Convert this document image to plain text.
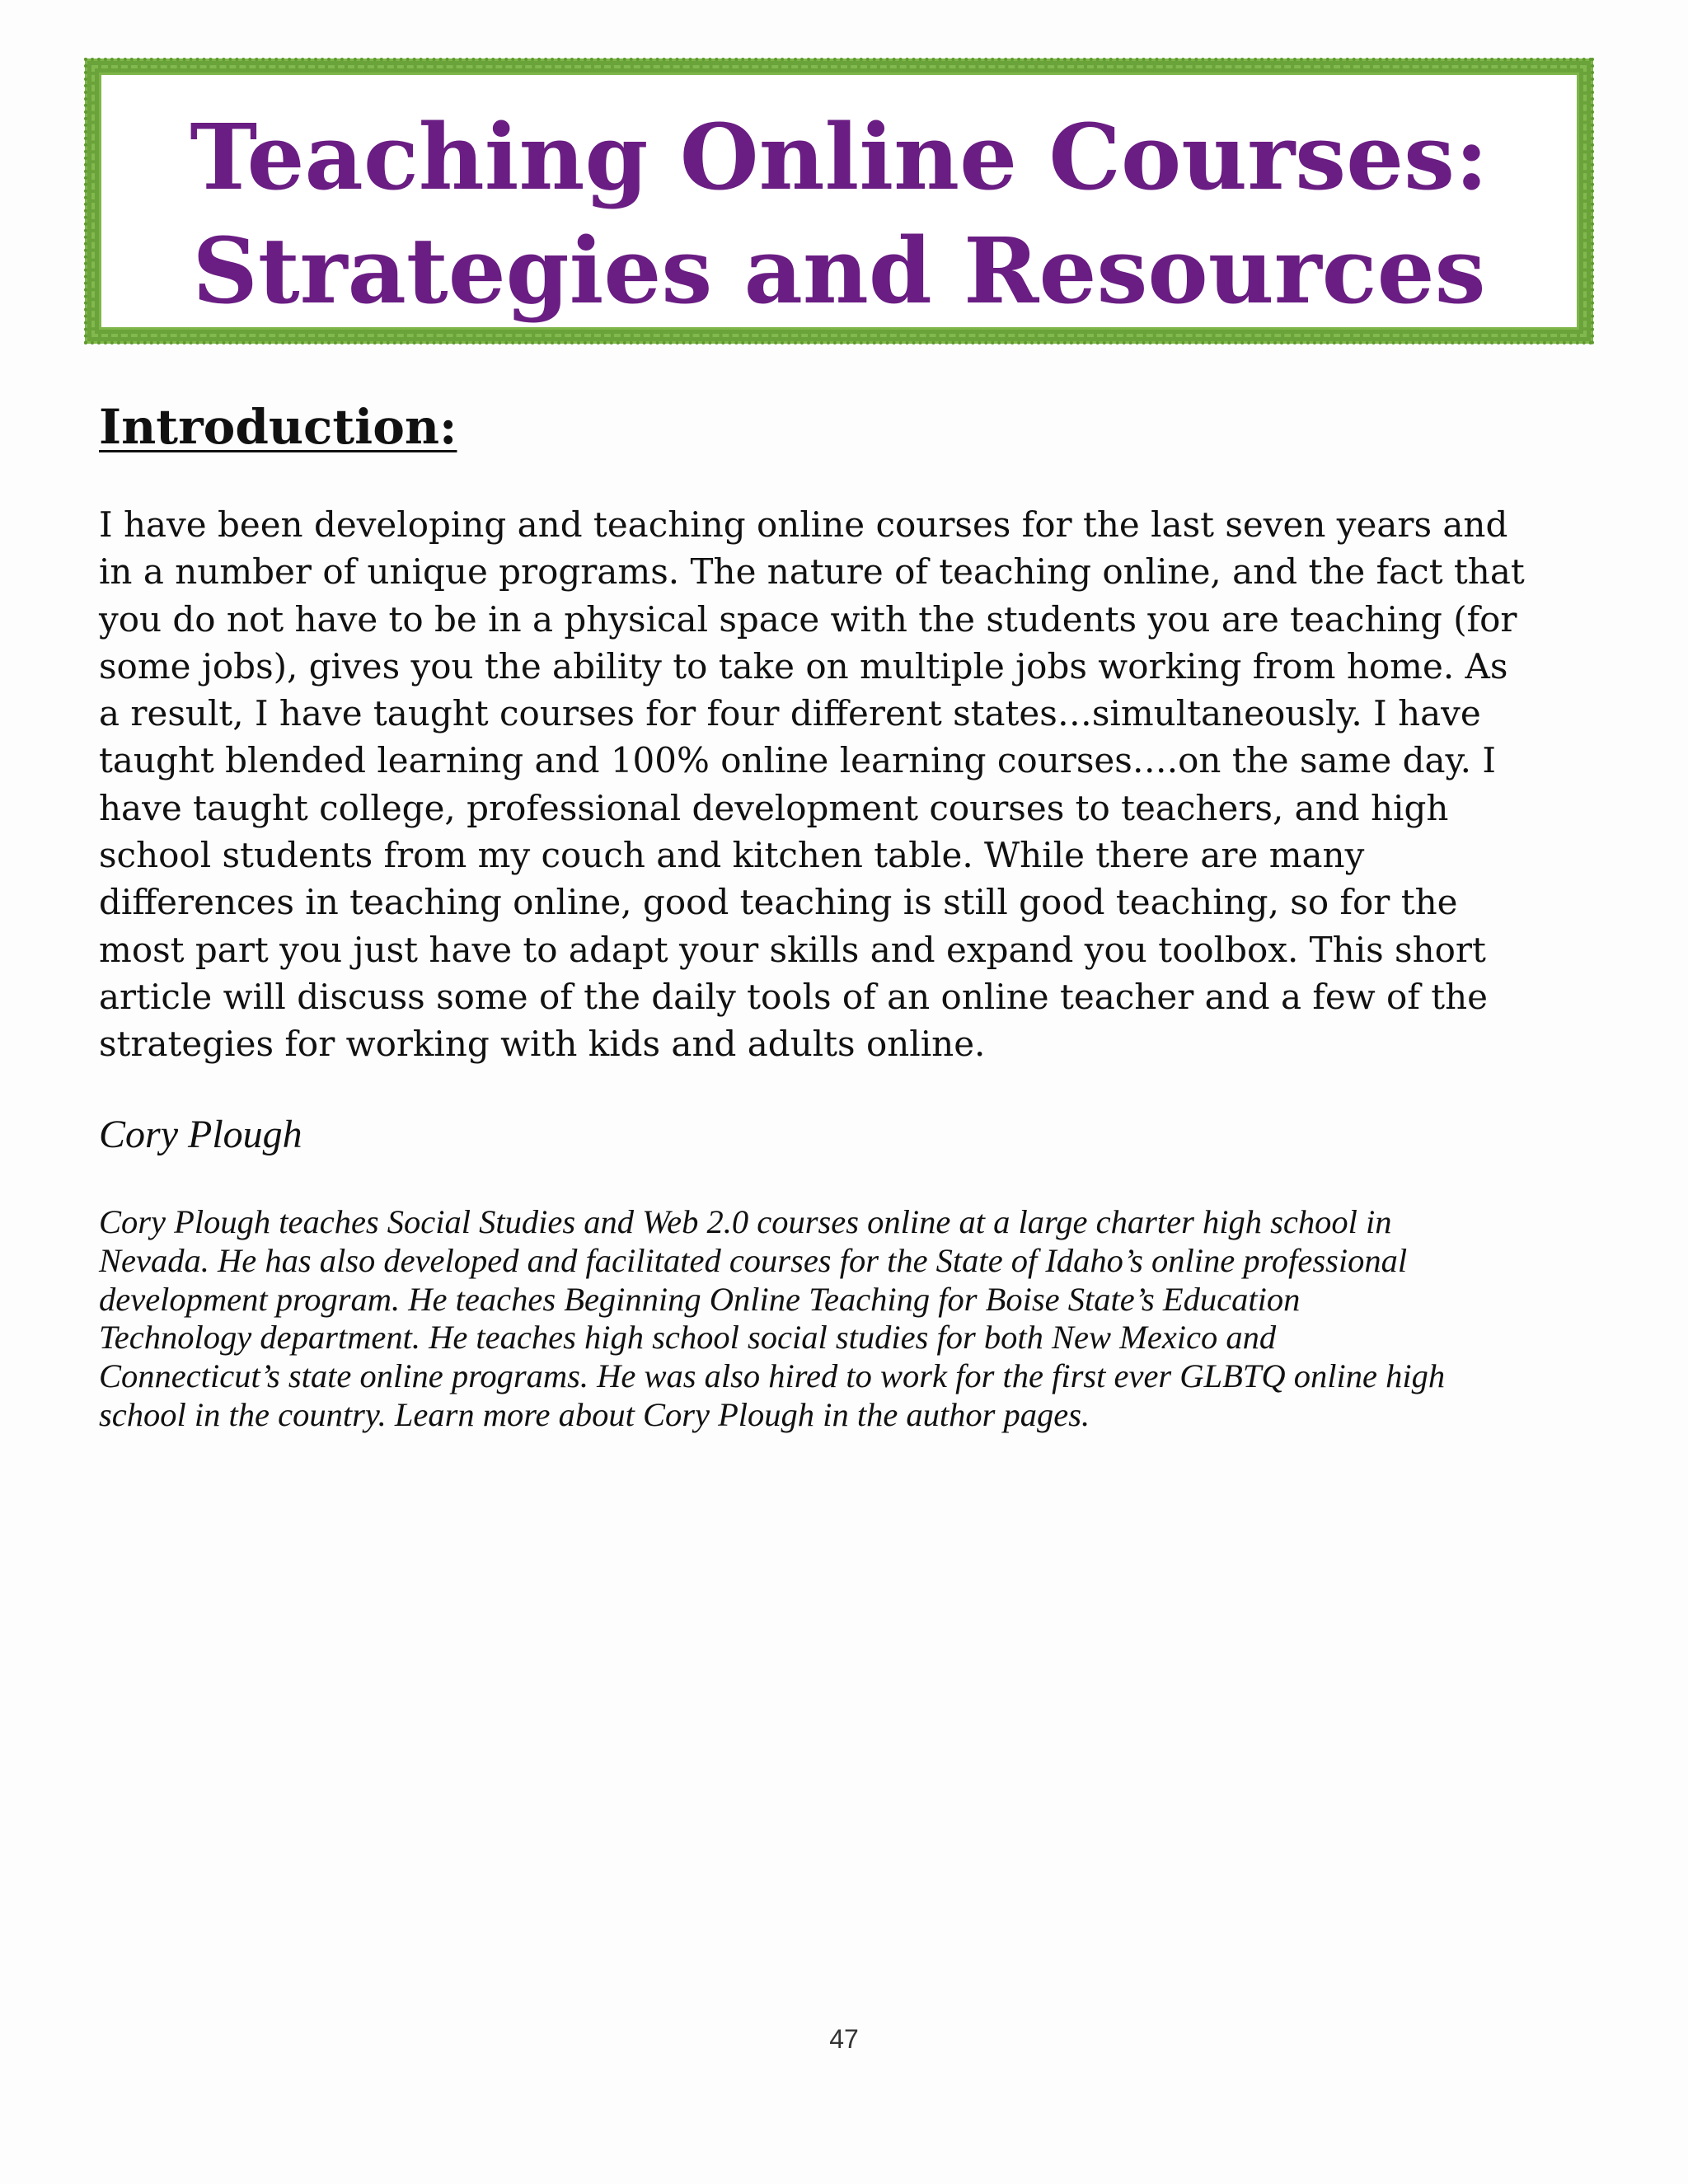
Teaching Online Courses:
Strategies and Resources
Introduction:

I have been developing and teaching online courses for the last seven years and
in a number of unique programs. The nature of teaching online, and the fact that
you do not have to be in a physical space with the students you are teaching (for
some jobs), gives you the ability to take on multiple jobs working from home. As
a result, I have taught courses for four different states…simultaneously. I have
taught blended learning and 100% online learning courses….on the same day. I
have taught college, professional development courses to teachers, and high
school students from my couch and kitchen table. While there are many
differences in teaching online, good teaching is still good teaching, so for the
most part you just have to adapt your skills and expand you toolbox. This short
article will discuss some of the daily tools of an online teacher and a few of the
strategies for working with kids and adults online.

Cory Plough

Cory Plough teaches Social Studies and Web 2.0 courses online at a large charter high school in
Nevada. He has also developed and facilitated courses for the State of Idaho’s online professional
development program. He teaches Beginning Online Teaching for Boise State’s Education
Technology department. He teaches high school social studies for both New Mexico and
Connecticut’s state online programs. He was also hired to work for the first ever GLBTQ online high
school in the country. Learn more about Cory Plough in the author pages.

47
